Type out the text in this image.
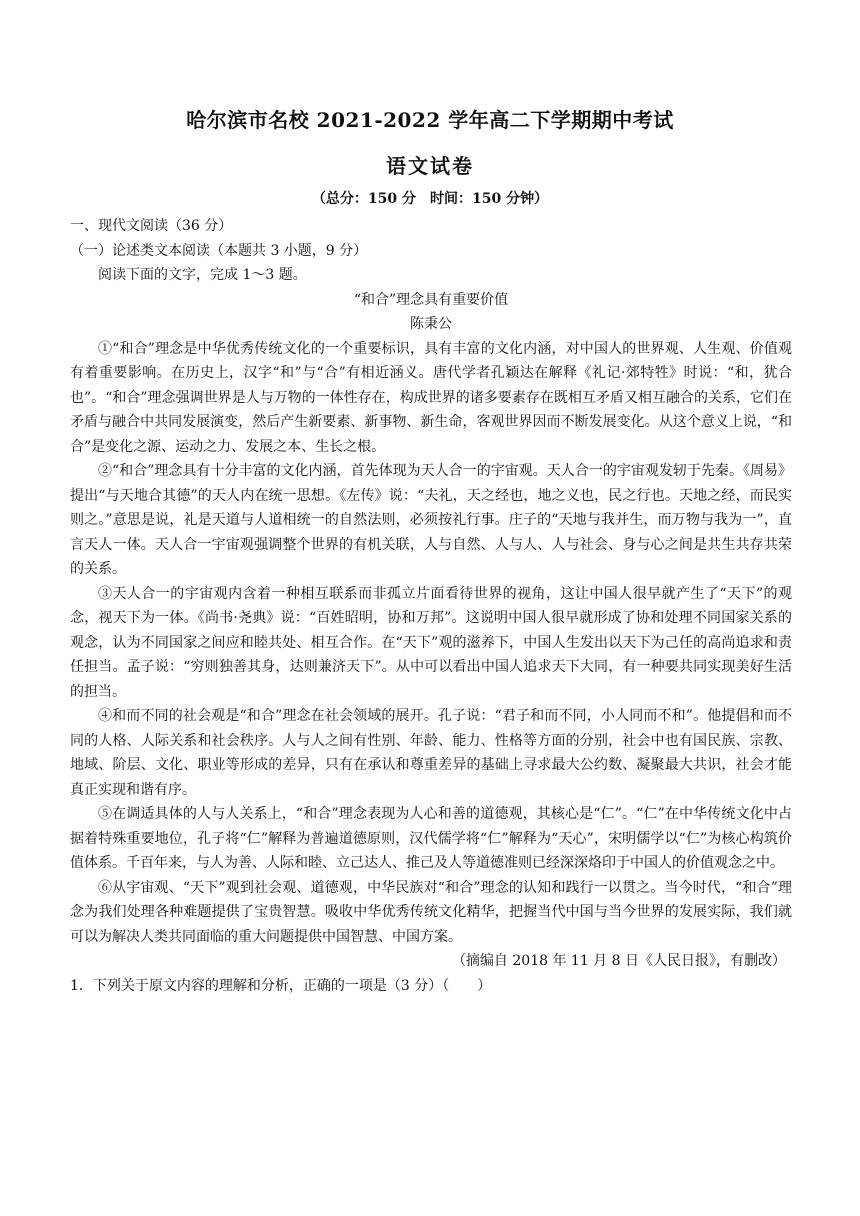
哈尔滨市名校 2021-2022 学年高二下学期期中考试
语文试卷
（总分：150 分　时间：150 分钟）
一、现代文阅读（36 分）
（一）论述类文本阅读（本题共 3 小题，9 分）
阅读下面的文字，完成 1～3 题。
“和合”理念具有重要价值
陈秉公

①“和合”理念是中华优秀传统文化的一个重要标识，具有丰富的文化内涵，对中国人的世界观、人生观、价值观有着重要影响。在历史上，汉字“和”与“合”有相近涵义。唐代学者孔颖达在解释《礼记·郊特牲》时说：“和，犹合也”。“和合”理念强调世界是人与万物的一体性存在，构成世界的诸多要素存在既相互矛盾又相互融合的关系，它们在矛盾与融合中共同发展演变，然后产生新要素、新事物、新生命，客观世界因而不断发展变化。从这个意义上说，“和合”是变化之源、运动之力、发展之本、生长之根。

②“和合”理念具有十分丰富的文化内涵，首先体现为天人合一的宇宙观。天人合一的宇宙观发轫于先秦。《周易》提出“与天地合其德”的天人内在统一思想。《左传》说：“夫礼，天之经也，地之义也，民之行也。天地之经，而民实则之。”意思是说，礼是天道与人道相统一的自然法则，必须按礼行事。庄子的“天地与我并生，而万物与我为一”，直言天人一体。天人合一宇宙观强调整个世界的有机关联，人与自然、人与人、人与社会、身与心之间是共生共存共荣的关系。

③天人合一的宇宙观内含着一种相互联系而非孤立片面看待世界的视角，这让中国人很早就产生了“天下”的观念，视天下为一体。《尚书·尧典》说：“百姓昭明，协和万邦”。这说明中国人很早就形成了协和处理不同国家关系的观念，认为不同国家之间应和睦共处、相互合作。在“天下”观的滋养下，中国人生发出以天下为己任的高尚追求和责任担当。孟子说：“穷则独善其身，达则兼济天下”。从中可以看出中国人追求天下大同，有一种要共同实现美好生活的担当。

④和而不同的社会观是“和合”理念在社会领域的展开。孔子说：“君子和而不同，小人同而不和”。他提倡和而不同的人格、人际关系和社会秩序。人与人之间有性别、年龄、能力、性格等方面的分别，社会中也有国民族、宗教、地域、阶层、文化、职业等形成的差异，只有在承认和尊重差异的基础上寻求最大公约数、凝聚最大共识，社会才能真正实现和谐有序。

⑤在调适具体的人与人关系上，“和合”理念表现为人心和善的道德观，其核心是“仁”。“仁”在中华传统文化中占据着特殊重要地位，孔子将“仁”解释为普遍道德原则，汉代儒学将“仁”解释为“天心”，宋明儒学以“仁”为核心构筑价值体系。千百年来，与人为善、人际和睦、立己达人、推己及人等道德准则已经深深烙印于中国人的价值观念之中。

⑥从宇宙观、“天下”观到社会观、道德观，中华民族对“和合”理念的认知和践行一以贯之。当今时代，“和合”理念为我们处理各种难题提供了宝贵智慧。吸收中华优秀传统文化精华，把握当代中国与当今世界的发展实际，我们就可以为解决人类共同面临的重大问题提供中国智慧、中国方案。

（摘编自 2018 年 11 月 8 日《人民日报》，有删改）
1．下列关于原文内容的理解和分析，正确的一项是（3 分）（　　）
